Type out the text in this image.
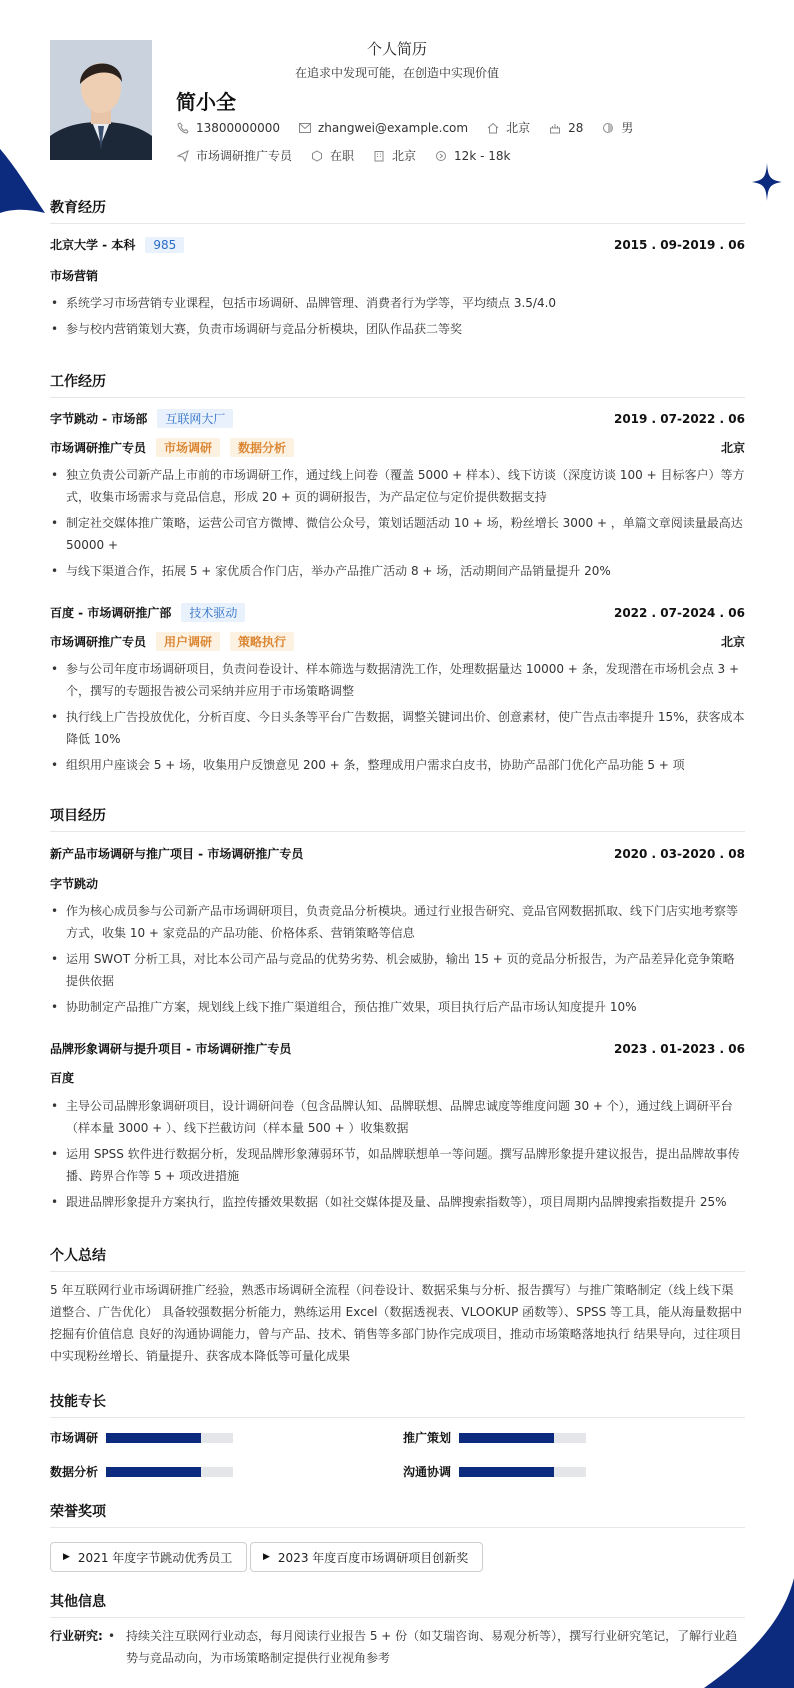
个人简历
在追求中发现可能，在创造中实现价值
简小全
13800000000	zhangwei@example.com	北京	28	男
市场调研推广专员	在职	北京	12k - 18k
教育经历
北京大学 - 本科	985	2015 . 09-2019 . 06
市场营销
• 系统学习市场营销专业课程，包括市场调研、品牌管理、消费者行为学等，平均绩点 3.5/4.0
• 参与校内营销策划大赛，负责市场调研与竞品分析模块，团队作品获二等奖
工作经历
字节跳动 - 市场部	互联网大厂	2019 . 07-2022 . 06
市场调研推广专员	市场调研	数据分析	北京
• 独立负责公司新产品上市前的市场调研工作，通过线上问卷（覆盖 5000 + 样本）、线下访谈（深度访谈 100 + 目标客户）等方式，收集市场需求与竞品信息，形成 20 + 页的调研报告，为产品定位与定价提供数据支持
• 制定社交媒体推广策略，运营公司官方微博、微信公众号，策划话题活动 10 + 场，粉丝增长 3000 + ，单篇文章阅读量最高达 50000 +
• 与线下渠道合作，拓展 5 + 家优质合作门店，举办产品推广活动 8 + 场，活动期间产品销量提升 20%
百度 - 市场调研推广部	技术驱动	2022 . 07-2024 . 06
市场调研推广专员	用户调研	策略执行	北京
• 参与公司年度市场调研项目，负责问卷设计、样本筛选与数据清洗工作，处理数据量达 10000 + 条，发现潜在市场机会点 3 + 个，撰写的专题报告被公司采纳并应用于市场策略调整
• 执行线上广告投放优化，分析百度、今日头条等平台广告数据，调整关键词出价、创意素材，使广告点击率提升 15%，获客成本降低 10%
• 组织用户座谈会 5 + 场，收集用户反馈意见 200 + 条，整理成用户需求白皮书，协助产品部门优化产品功能 5 + 项
项目经历
新产品市场调研与推广项目 - 市场调研推广专员	2020 . 03-2020 . 08
字节跳动
• 作为核心成员参与公司新产品市场调研项目，负责竞品分析模块。通过行业报告研究、竞品官网数据抓取、线下门店实地考察等方式，收集 10 + 家竞品的产品功能、价格体系、营销策略等信息
• 运用 SWOT 分析工具，对比本公司产品与竞品的优势劣势、机会威胁，输出 15 + 页的竞品分析报告，为产品差异化竞争策略提供依据
• 协助制定产品推广方案，规划线上线下推广渠道组合，预估推广效果，项目执行后产品市场认知度提升 10%
品牌形象调研与提升项目 - 市场调研推广专员	2023 . 01-2023 . 06
百度
• 主导公司品牌形象调研项目，设计调研问卷（包含品牌认知、品牌联想、品牌忠诚度等维度问题 30 + 个），通过线上调研平台（样本量 3000 + ）、线下拦截访问（样本量 500 + ）收集数据
• 运用 SPSS 软件进行数据分析，发现品牌形象薄弱环节，如品牌联想单一等问题。撰写品牌形象提升建议报告，提出品牌故事传播、跨界合作等 5 + 项改进措施
• 跟进品牌形象提升方案执行，监控传播效果数据（如社交媒体提及量、品牌搜索指数等），项目周期内品牌搜索指数提升 25%
个人总结
5 年互联网行业市场调研推广经验，熟悉市场调研全流程（问卷设计、数据采集与分析、报告撰写）与推广策略制定（线上线下渠道整合、广告优化） 具备较强数据分析能力，熟练运用 Excel（数据透视表、VLOOKUP 函数等）、SPSS 等工具，能从海量数据中挖掘有价值信息 良好的沟通协调能力，曾与产品、技术、销售等多部门协作完成项目，推动市场策略落地执行 结果导向，过往项目中实现粉丝增长、销量提升、获客成本降低等可量化成果
技能专长
市场调研	推广策划
数据分析	沟通协调
荣誉奖项
▶ 2021 年度字节跳动优秀员工	▶ 2023 年度百度市场调研项目创新奖
其他信息
行业研究: • 持续关注互联网行业动态，每月阅读行业报告 5 + 份（如艾瑞咨询、易观分析等），撰写行业研究笔记，了解行业趋势与竞品动向，为市场策略制定提供行业视角参考
